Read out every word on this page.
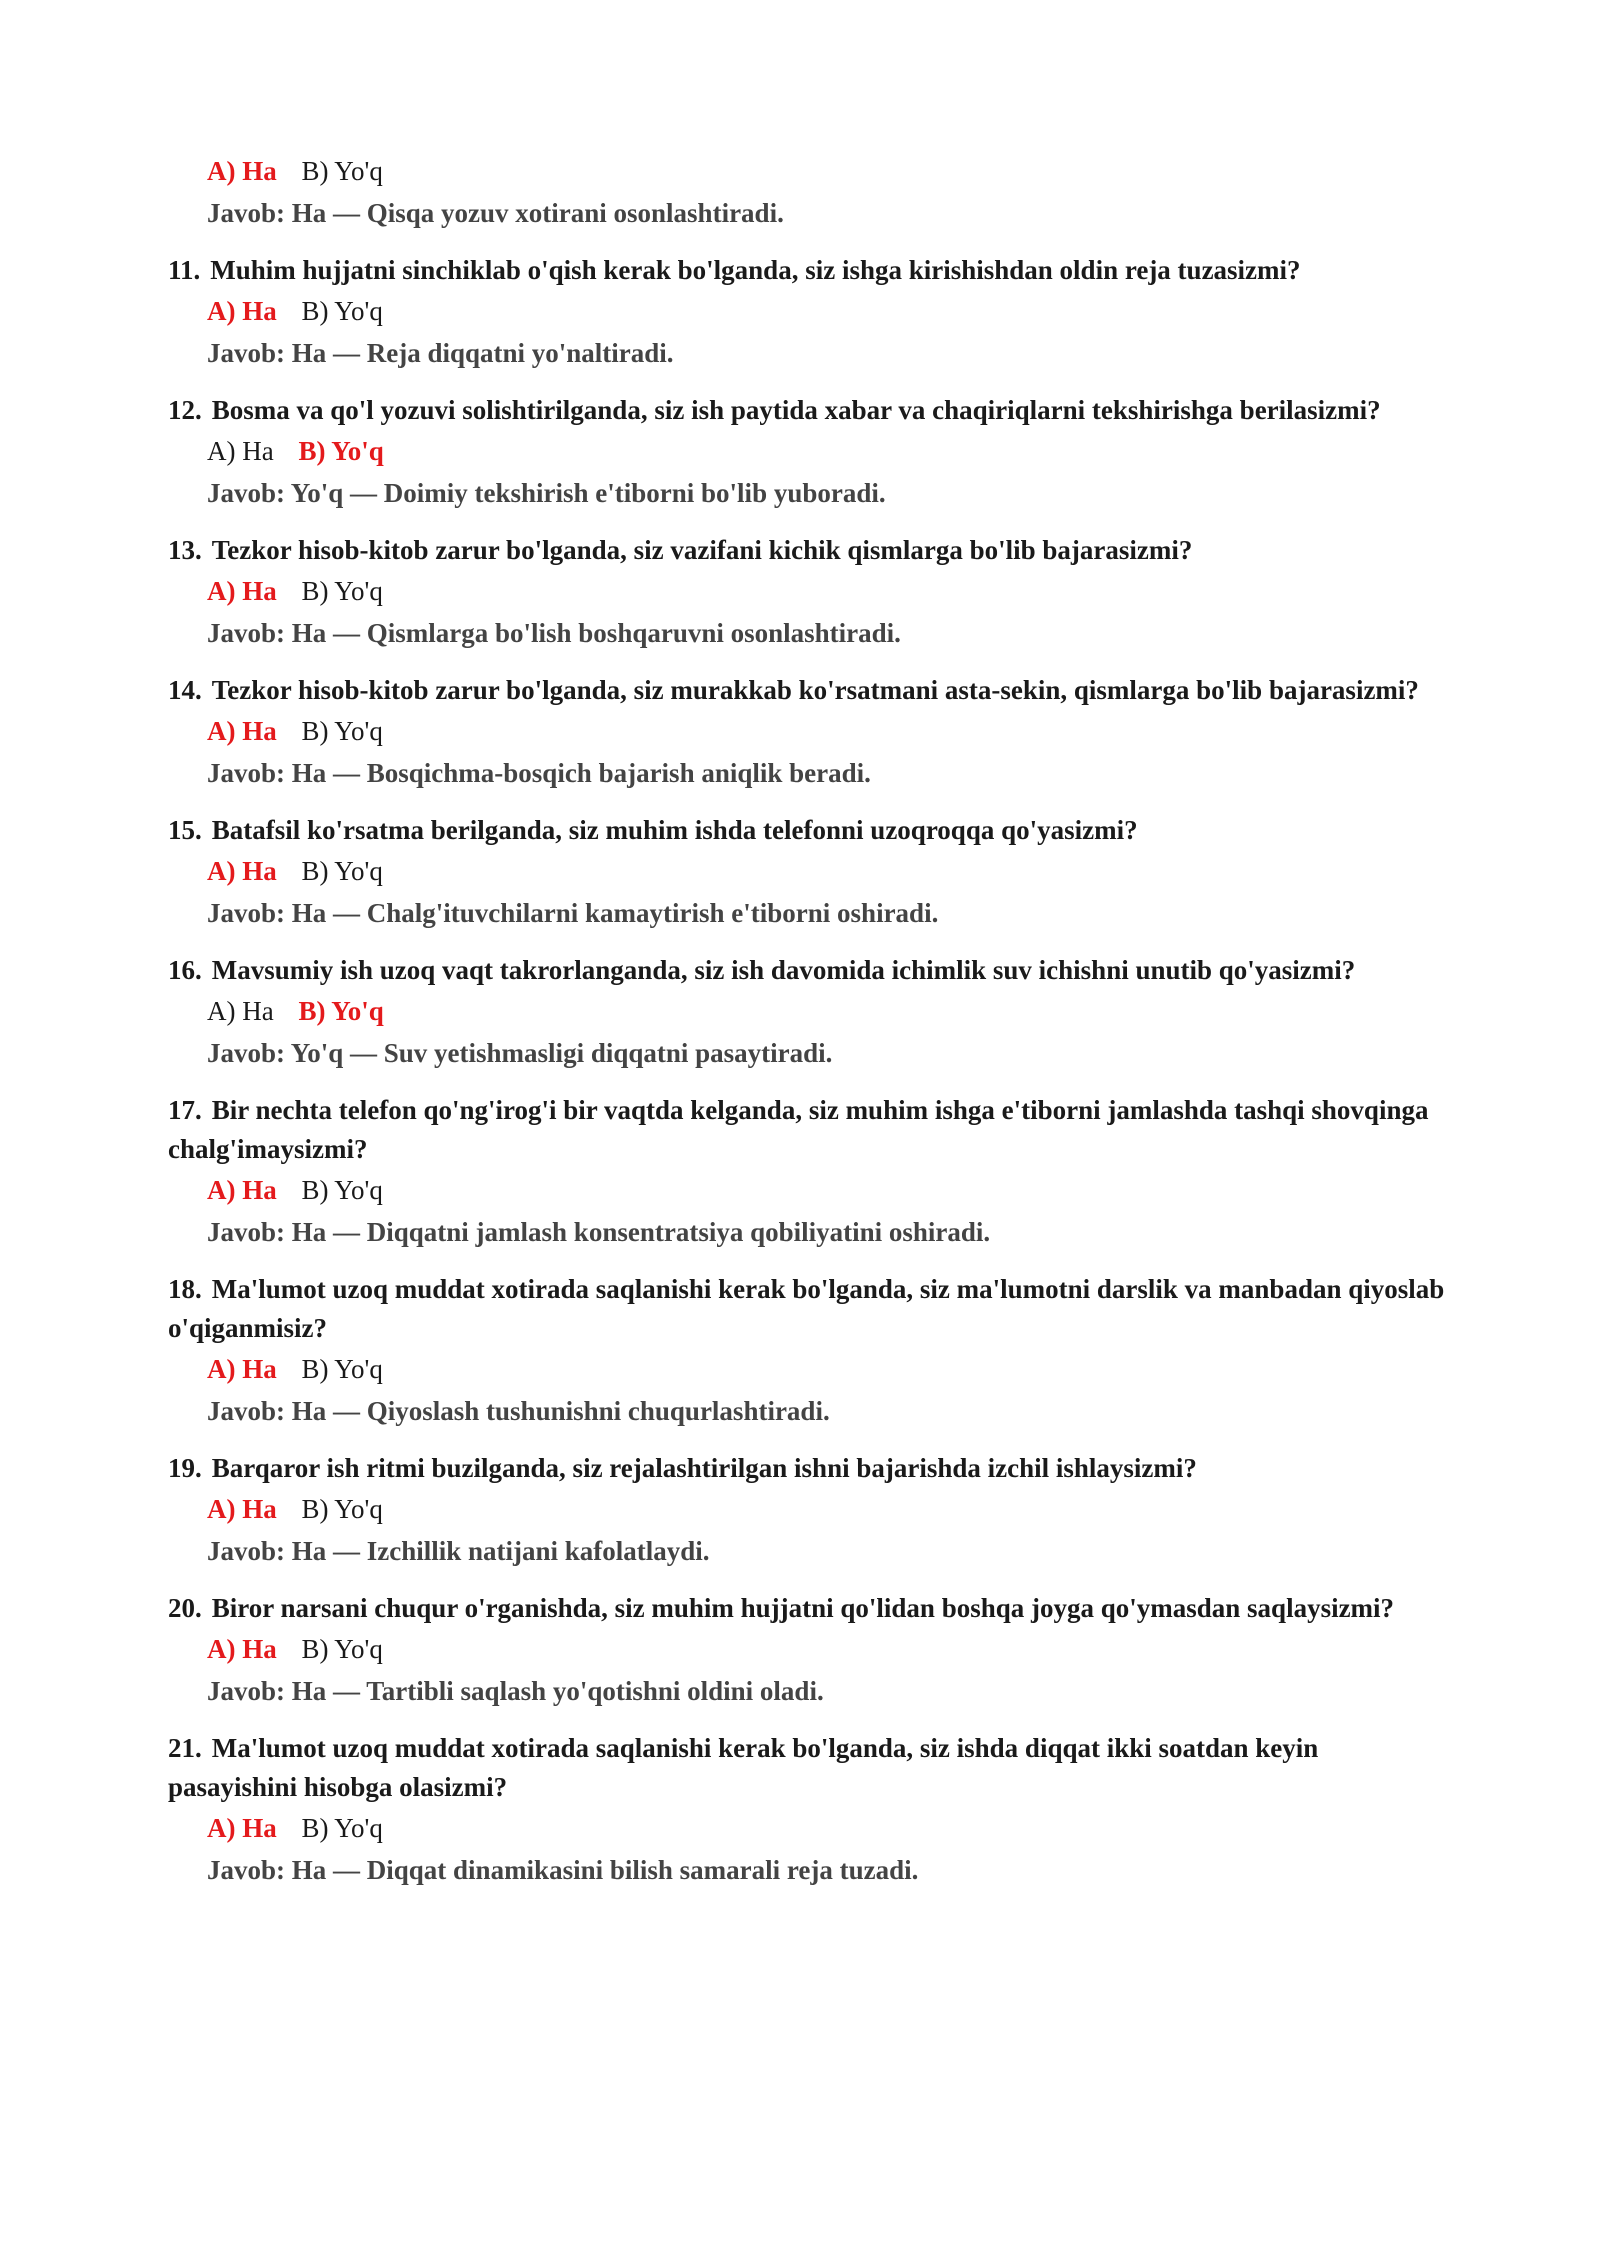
A) Ha B) Yo'q
Javob: Ha — Qisqa yozuv xotirani osonlashtiradi.

11. Muhim hujjatni sinchiklab o'qish kerak bo'lganda, siz ishga kirishishdan oldin reja tuzasizmi?

A) Ha B) Yo'q
Javob: Ha — Reja diqqatni yo'naltiradi.

12. Bosma va qo'l yozuvi solishtirilganda, siz ish paytida xabar va chaqiriqlarni tekshirishga berilasizmi?

A) Ha B) Yo'q
Javob: Yo'q — Doimiy tekshirish e'tiborni bo'lib yuboradi.

13. Tezkor hisob-kitob zarur bo'lganda, siz vazifani kichik qismlarga bo'lib bajarasizmi?

A) Ha B) Yo'q
Javob: Ha — Qismlarga bo'lish boshqaruvni osonlashtiradi.

14. Tezkor hisob-kitob zarur bo'lganda, siz murakkab ko'rsatmani asta-sekin, qismlarga bo'lib bajarasizmi?

A) Ha B) Yo'q
Javob: Ha — Bosqichma-bosqich bajarish aniqlik beradi.

15. Batafsil ko'rsatma berilganda, siz muhim ishda telefonni uzoqroqqa qo'yasizmi?

A) Ha B) Yo'q
Javob: Ha — Chalg'ituvchilarni kamaytirish e'tiborni oshiradi.

16. Mavsumiy ish uzoq vaqt takrorlanganda, siz ish davomida ichimlik suv ichishni unutib qo'yasizmi?

A) Ha B) Yo'q
Javob: Yo'q — Suv yetishmasligi diqqatni pasaytiradi.

17. Bir nechta telefon qo'ng'irog'i bir vaqtda kelganda, siz muhim ishga e'tiborni jamlashda tashqi shovqinga chalg'imaysizmi?

A) Ha B) Yo'q
Javob: Ha — Diqqatni jamlash konsentratsiya qobiliyatini oshiradi.

18. Ma'lumot uzoq muddat xotirada saqlanishi kerak bo'lganda, siz ma'lumotni darslik va manbadan qiyoslab o'qiganmisiz?

A) Ha B) Yo'q
Javob: Ha — Qiyoslash tushunishni chuqurlashtiradi.

19. Barqaror ish ritmi buzilganda, siz rejalashtirilgan ishni bajarishda izchil ishlaysizmi?

A) Ha B) Yo'q
Javob: Ha — Izchillik natijani kafolatlaydi.

20. Biror narsani chuqur o'rganishda, siz muhim hujjatni qo'lidan boshqa joyga qo'ymasdan saqlaysizmi?

A) Ha B) Yo'q
Javob: Ha — Tartibli saqlash yo'qotishni oldini oladi.

21. Ma'lumot uzoq muddat xotirada saqlanishi kerak bo'lganda, siz ishda diqqat ikki soatdan keyin pasayishini hisobga olasizmi?

A) Ha B) Yo'q
Javob: Ha — Diqqat dinamikasini bilish samarali reja tuzadi.
